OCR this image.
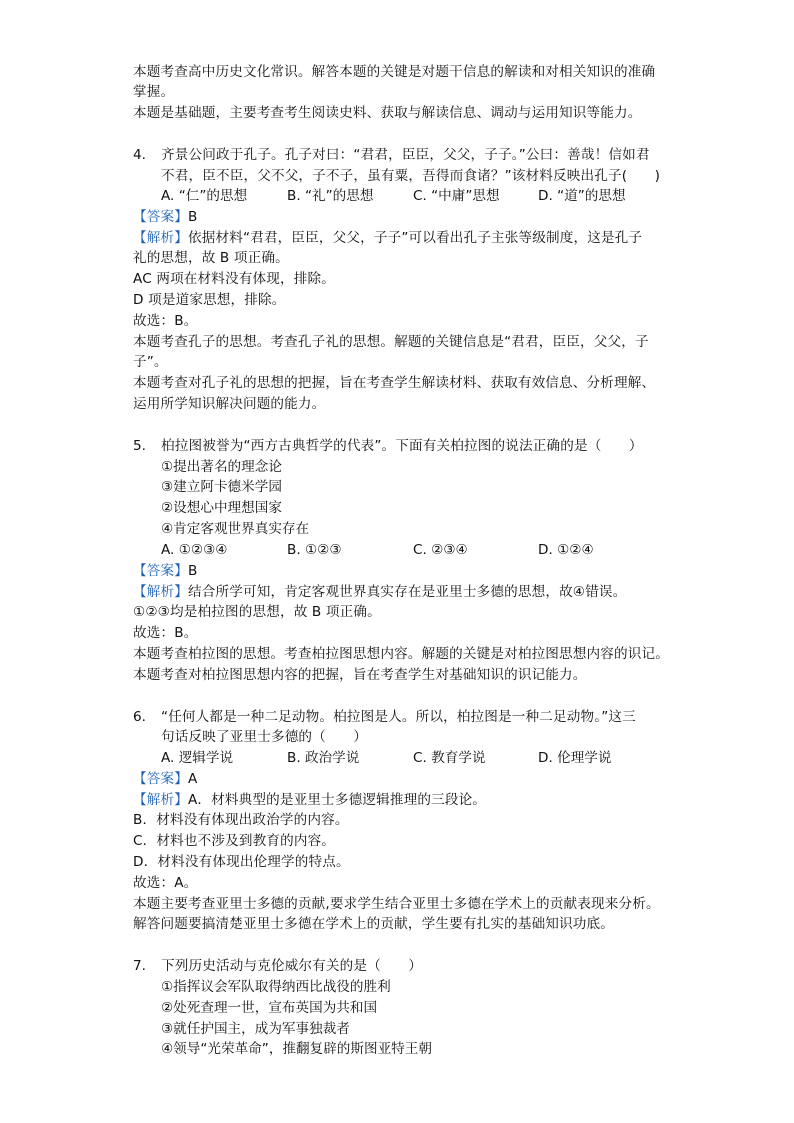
本题考查高中历史文化常识。解答本题的关键是对题干信息的解读和对相关知识的准确
掌握。
本题是基础题，主要考查考生阅读史料、获取与解读信息、调动与运用知识等能力。
4. 齐景公问政于孔子。孔子对曰：“君君，臣臣，父父，子子。”公曰：善哉！信如君
不君，臣不臣，父不父，子不子，虽有粟，吾得而食诸？”该材料反映出孔子(　　)
A. “仁”的思想	B. “礼”的思想	C. “中庸”思想	D. “道”的思想
【答案】B
【解析】依据材料“君君，臣臣，父父，子子”可以看出孔子主张等级制度，这是孔子
礼的思想，故 B 项正确。
AC 两项在材料没有体现，排除。
D 项是道家思想，排除。
故选：B。
本题考查孔子的思想。考查孔子礼的思想。解题的关键信息是“君君，臣臣，父父，子
子”。
本题考查对孔子礼的思想的把握，旨在考查学生解读材料、获取有效信息、分析理解、
运用所学知识解决问题的能力。
5. 柏拉图被誉为“西方古典哲学的代表”。下面有关柏拉图的说法正确的是（　　）
①提出著名的理念论
③建立阿卡德米学园
②设想心中理想国家
④肯定客观世界真实存在
A. ①②③④	B. ①②③	C. ②③④	D. ①②④
【答案】B
【解析】结合所学可知，肯定客观世界真实存在是亚里士多德的思想，故④错误。
①②③均是柏拉图的思想，故 B 项正确。
故选：B。
本题考查柏拉图的思想。考查柏拉图思想内容。解题的关键是对柏拉图思想内容的识记。
本题考查对柏拉图思想内容的把握，旨在考查学生对基础知识的识记能力。
6. “任何人都是一种二足动物。柏拉图是人。所以，柏拉图是一种二足动物。”这三
句话反映了亚里士多德的（　　）
A. 逻辑学说	B. 政治学说	C. 教育学说	D. 伦理学说
【答案】A
【解析】A．材料典型的是亚里士多德逻辑推理的三段论。
B．材料没有体现出政治学的内容。
C．材料也不涉及到教育的内容。
D．材料没有体现出伦理学的特点。
故选：A。
本题主要考查亚里士多德的贡献,要求学生结合亚里士多德在学术上的贡献表现来分析。
解答问题要搞清楚亚里士多德在学术上的贡献，学生要有扎实的基础知识功底。
7. 下列历史活动与克伦威尔有关的是（　　）
①指挥议会军队取得纳西比战役的胜利
②处死查理一世，宣布英国为共和国
③就任护国主，成为军事独裁者
④领导“光荣革命”，推翻复辟的斯图亚特王朝
